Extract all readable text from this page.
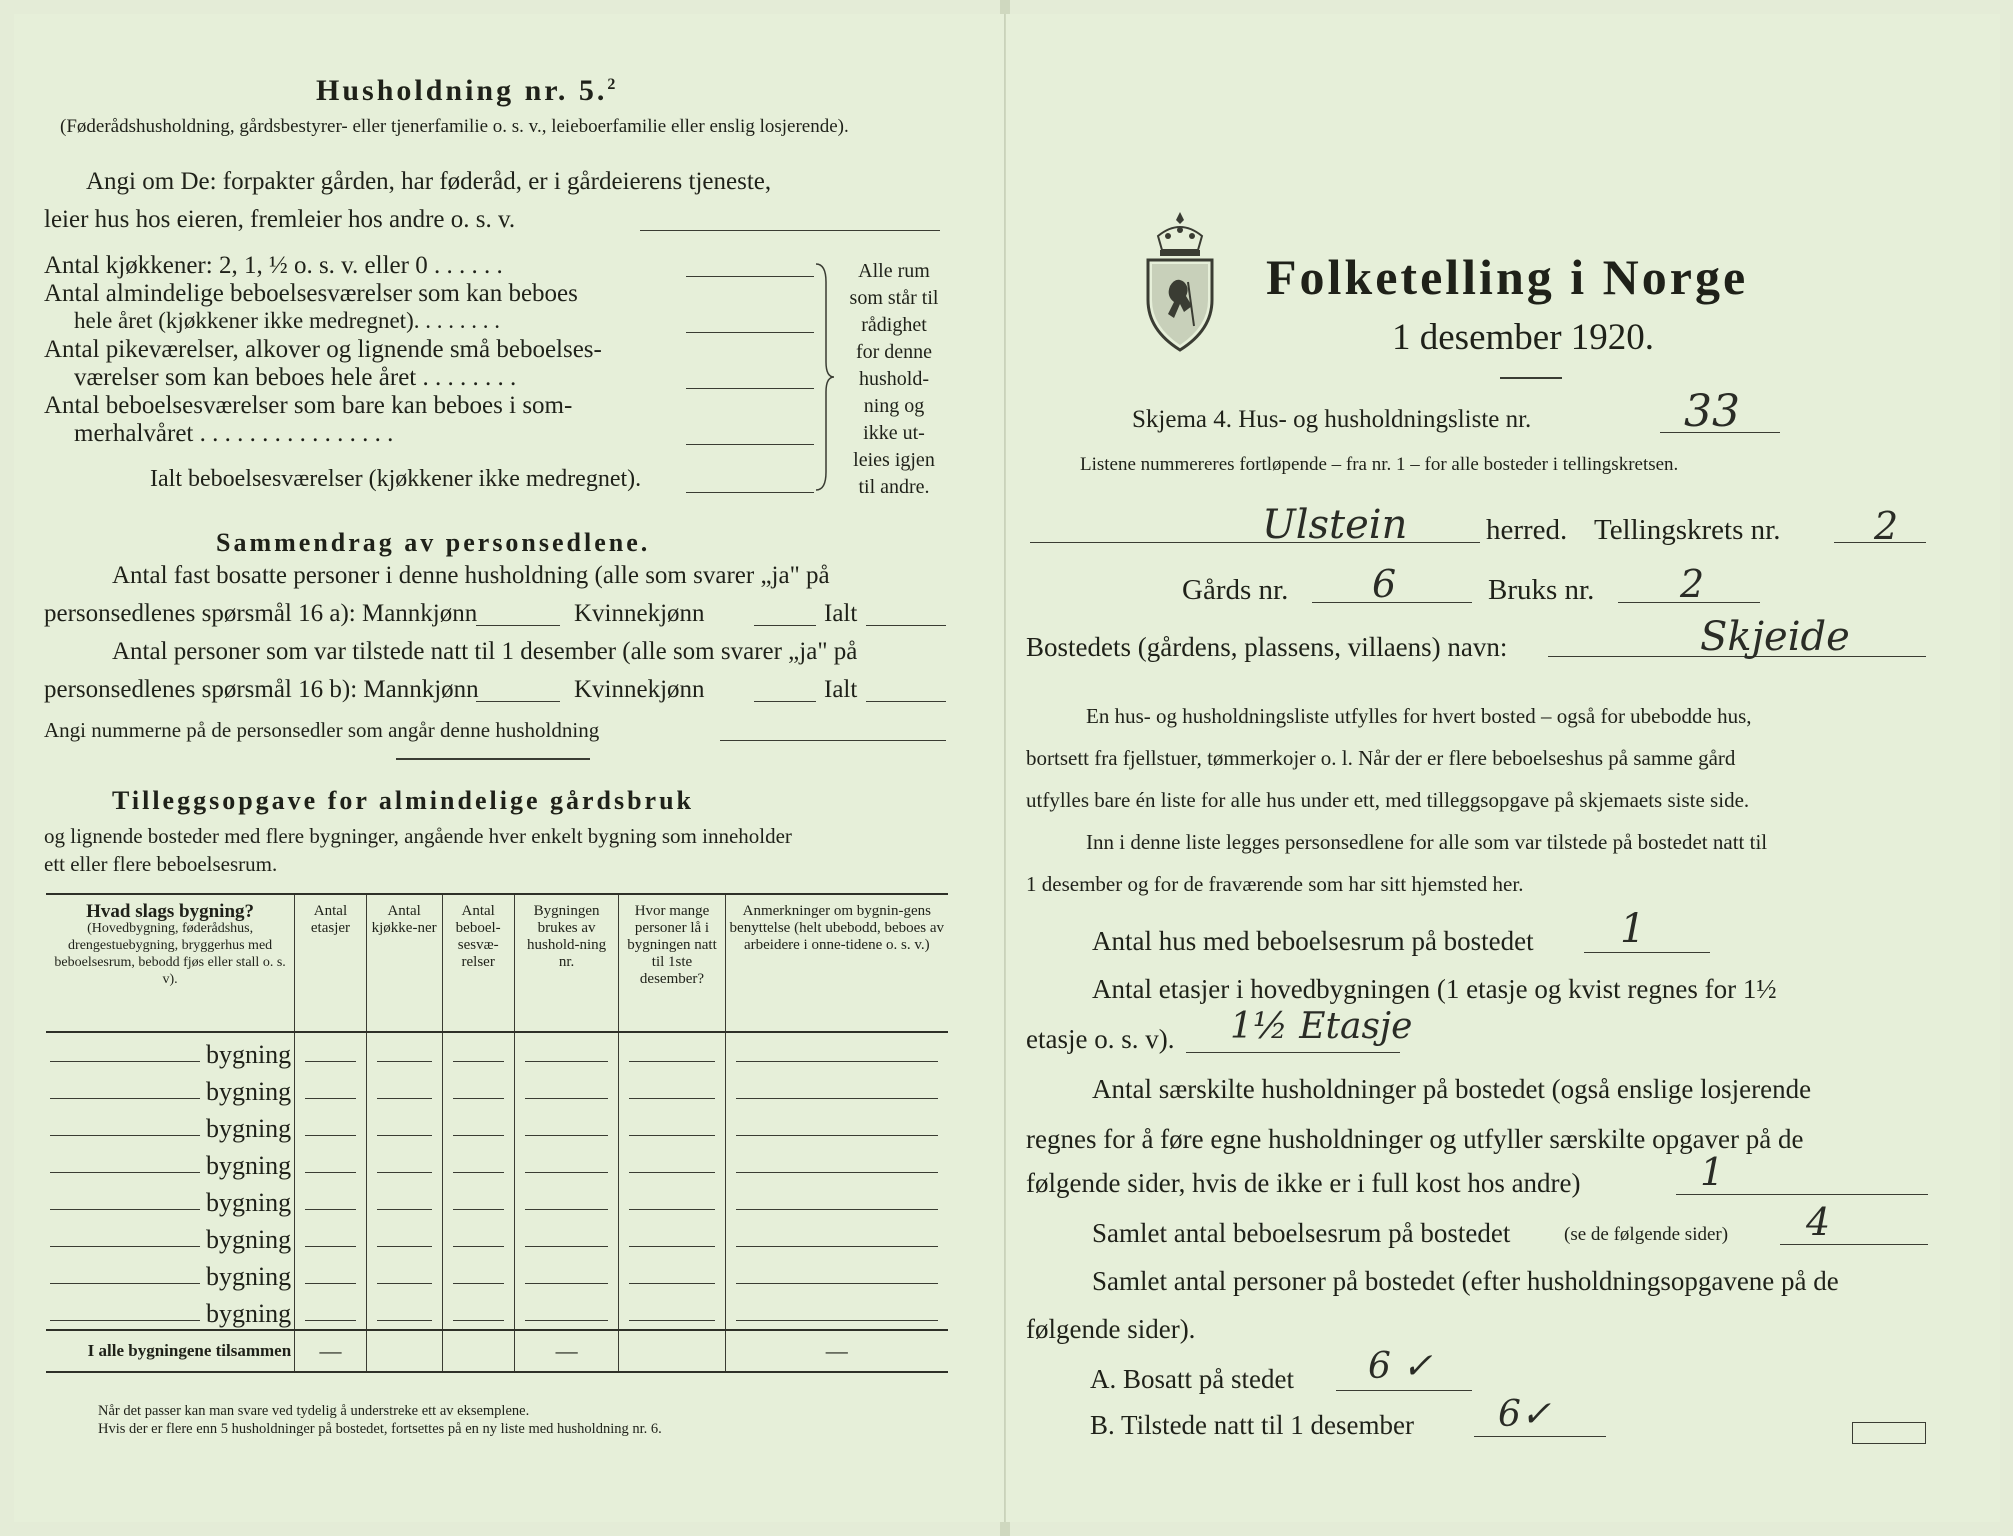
Husholdning nr. 5.$^2$
(Føderådshusholdning, gårdsbestyrer- eller tjenerfamilie o. s. v., leieboerfamilie eller enslig losjerende).
Angi om De: forpakter gården, har føderåd, er i gårdeierens tjeneste,
leier hus hos eieren, fremleier hos andre o. s. v.
Antal kjøkkener: 2, 1, ½ o. s. v. eller 0 . . . . . .
Antal almindelige beboelsesværelser som kan beboes
hele året (kjøkkener ikke medregnet). . . . . . . .
Antal pikeværelser, alkover og lignende små beboelses-
værelser som kan beboes hele året . . . . . . . .
Antal beboelsesværelser som bare kan beboes i som-
merhalvåret . . . . . . . . . . . . . . . .
Ialt beboelsesværelser (kjøkkener ikke medregnet).
Alle rum
som står til
rådighet
for denne
hushold-
ning og
ikke ut-
leies igjen
til andre.
Sammendrag av personsedlene.
Antal fast bosatte personer i denne husholdning (alle som svarer „ja" på
personsedlenes spørsmål 16 a): Mannkjønn	Kvinnekjønn	Ialt
Antal personer som var tilstede natt til 1 desember (alle som svarer „ja" på
personsedlenes spørsmål 16 b): Mannkjønn	Kvinnekjønn	Ialt
Angi nummerne på de personsedler som angår denne husholdning
Tilleggsopgave for almindelige gårdsbruk
og lignende bosteder med flere bygninger, angående hver enkelt bygning som inneholder
ett eller flere beboelsesrum.
Hvad slags bygning?
(Hovedbygning, føderådshus, drengestuebygning, bryggerhus med beboelsesrum, bebodd fjøs eller stall o. s. v).	Antal etasjer	Antal kjøkke-ner	Antal beboel-sesvæ-relser	Bygningen brukes av hushold-ning nr.	Hvor mange personer lå i bygningen natt til 1ste desember?	Anmerkninger om bygnin-gens benyttelse (helt ubebodd, beboes av arbeidere i onne-tidene o. s. v.)
bygning						
bygning						
bygning						
bygning						
bygning						
bygning						
bygning						
bygning						
I alle bygningene tilsammen	—			—		—
Når det passer kan man svare ved tydelig å understreke ett av eksemplene.
Hvis der er flere enn 5 husholdninger på bostedet, fortsettes på en ny liste med husholdning nr. 6.
Folketelling i Norge
1 desember 1920.
Skjema 4. Hus- og husholdningsliste nr.	33
Listene nummereres fortløpende – fra nr. 1 – for alle bosteder i tellingskretsen.
Ulstein	herred. Tellingskrets nr. 2
Gårds nr. 6	Bruks nr. 2
Bostedets (gårdens, plassens, villaens) navn:	Skjeide
En hus- og husholdningsliste utfylles for hvert bosted – også for ubebodde hus,
bortsett fra fjellstuer, tømmerkojer o. l. Når der er flere beboelseshus på samme gård
utfylles bare én liste for alle hus under ett, med tilleggsopgave på skjemaets siste side.
Inn i denne liste legges personsedlene for alle som var tilstede på bostedet natt til
1 desember og for de fraværende som har sitt hjemsted her.
Antal hus med beboelsesrum på bostedet 1
Antal etasjer i hovedbygningen (1 etasje og kvist regnes for 1½
etasje o. s. v). 1½ Etasje
Antal særskilte husholdninger på bostedet (også enslige losjerende
regnes for å føre egne husholdninger og utfyller særskilte opgaver på de
følgende sider, hvis de ikke er i full kost hos andre)	1
Samlet antal beboelsesrum på bostedet	(se de følgende sider) 4
Samlet antal personer på bostedet (efter husholdningsopgavene på de
følgende sider).
A. Bosatt på stedet 6 ✓
B. Tilstede natt til 1 desember 6✓
